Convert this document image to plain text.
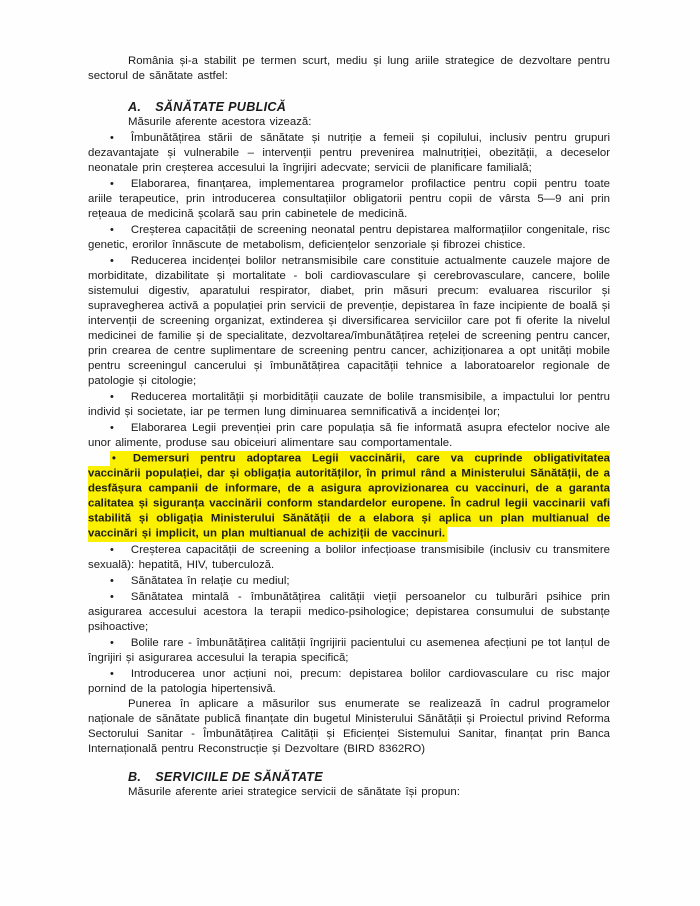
România și-a stabilit pe termen scurt, mediu și lung ariile strategice de dezvoltare pentru sectorul de sănătate astfel:

A. SĂNĂTATE PUBLICĂ

Măsurile aferente acestora vizează:

• Îmbunătățirea stării de sănătate și nutriție a femeii și copilului, inclusiv pentru grupuri dezavantajate și vulnerabile – intervenții pentru prevenirea malnutriției, obezității, a deceselor neonatale prin creșterea accesului la îngrijiri adecvate; servicii de planificare familială;

• Elaborarea, finanțarea, implementarea programelor profilactice pentru copii pentru toate ariile terapeutice, prin introducerea consultațiilor obligatorii pentru copii de vârsta 5—9 ani prin rețeaua de medicină școlară sau prin cabinetele de medicină.

• Creșterea capacității de screening neonatal pentru depistarea malformațiilor congenitale, risc genetic, erorilor înnăscute de metabolism, deficiențelor senzoriale și fibrozei chistice.

• Reducerea incidenței bolilor netransmisibile care constituie actualmente cauzele majore de morbiditate, dizabilitate și mortalitate - boli cardiovasculare și cerebrovasculare, cancere, bolile sistemului digestiv, aparatului respirator, diabet, prin măsuri precum: evaluarea riscurilor și supravegherea activă a populației prin servicii de prevenție, depistarea în faze incipiente de boală și intervenții de screening organizat, extinderea și diversificarea serviciilor care pot fi oferite la nivelul medicinei de familie și de specialitate, dezvoltarea/îmbunătățirea rețelei de screening pentru cancer, prin crearea de centre suplimentare de screening pentru cancer, achiziționarea a opt unități mobile pentru screeningul cancerului și îmbunătățirea capacității tehnice a laboratoarelor regionale de patologie și citologie;

• Reducerea mortalității și morbidității cauzate de bolile transmisibile, a impactului lor pentru individ și societate, iar pe termen lung diminuarea semnificativă a incidenței lor;

• Elaborarea Legii prevenției prin care populația să fie informată asupra efectelor nocive ale unor alimente, produse sau obiceiuri alimentare sau comportamentale.

• Demersuri pentru adoptarea Legii vaccinării, care va cuprinde obligativitatea vaccinării populației, dar și obligația autorităților, în primul rând a Ministerului Sănătății, de a desfășura campanii de informare, de a asigura aprovizionarea cu vaccinuri, de a garanta calitatea și siguranța vaccinării conform standardelor europene. În cadrul legii vaccinarii vafi stabilită și obligația Ministerului Sănătății de a elabora și aplica un plan multianual de vaccinări și implicit, un plan multianual de achiziții de vaccinuri.

• Creșterea capacității de screening a bolilor infecțioase transmisibile (inclusiv cu transmitere sexuală): hepatită, HIV, tuberculoză.

• Sănătatea în relație cu mediul;

• Sănătatea mintală - îmbunătățirea calității vieții persoanelor cu tulburări psihice prin asigurarea accesului acestora la terapii medico-psihologice; depistarea consumului de substanțe psihoactive;

• Bolile rare - îmbunătățirea calității îngrijirii pacientului cu asemenea afecțiuni pe tot lanțul de îngrijiri și asigurarea accesului la terapia specifică;

• Introducerea unor acțiuni noi, precum: depistarea bolilor cardiovasculare cu risc major pornind de la patologia hipertensivă.

Punerea în aplicare a măsurilor sus enumerate se realizează în cadrul programelor naționale de sănătate publică finanțate din bugetul Ministerului Sănătății și Proiectul privind Reforma Sectorului Sanitar - Îmbunătățirea Calității și Eficienței Sistemului Sanitar, finanțat prin Banca Internațională pentru Reconstrucție și Dezvoltare (BIRD 8362RO)

B. SERVICIILE DE SĂNĂTATE

Măsurile aferente ariei strategice servicii de sănătate își propun:
